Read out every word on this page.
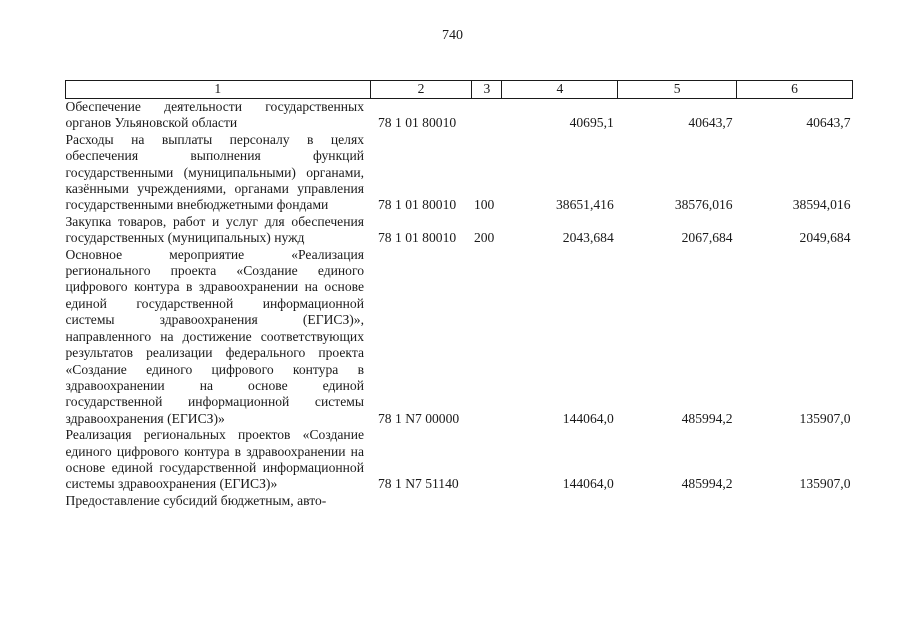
740
1	2	3	4	5	6
Обеспечение деятельности государственных органов Ульяновской области	78 1 01 80010		40695,1	40643,7	40643,7
Расходы на выплаты персоналу в целях обеспечения выполнения функций государственными (муниципальными) органами, казёнными учреждениями, органами управления государственными внебюджетными фондами	78 1 01 80010	100	38651,416	38576,016	38594,016
Закупка товаров, работ и услуг для обеспечения государственных (муниципальных) нужд	78 1 01 80010	200	2043,684	2067,684	2049,684
Основное мероприятие «Реализация регионального проекта «Создание единого цифрового контура в здравоохранении на основе единой государственной информационной системы здравоохранения (ЕГИСЗ)», направленного на достижение соответствующих результатов реализации федерального проекта «Создание единого цифрового контура в здравоохранении на основе единой государственной информационной системы здравоохранения (ЕГИСЗ)»	78 1 N7 00000		144064,0	485994,2	135907,0
Реализация региональных проектов «Создание единого цифрового контура в здравоохранении на основе единой государственной информационной системы здравоохранения (ЕГИСЗ)»	78 1 N7 51140		144064,0	485994,2	135907,0
Предоставление субсидий бюджетным, авто-					
